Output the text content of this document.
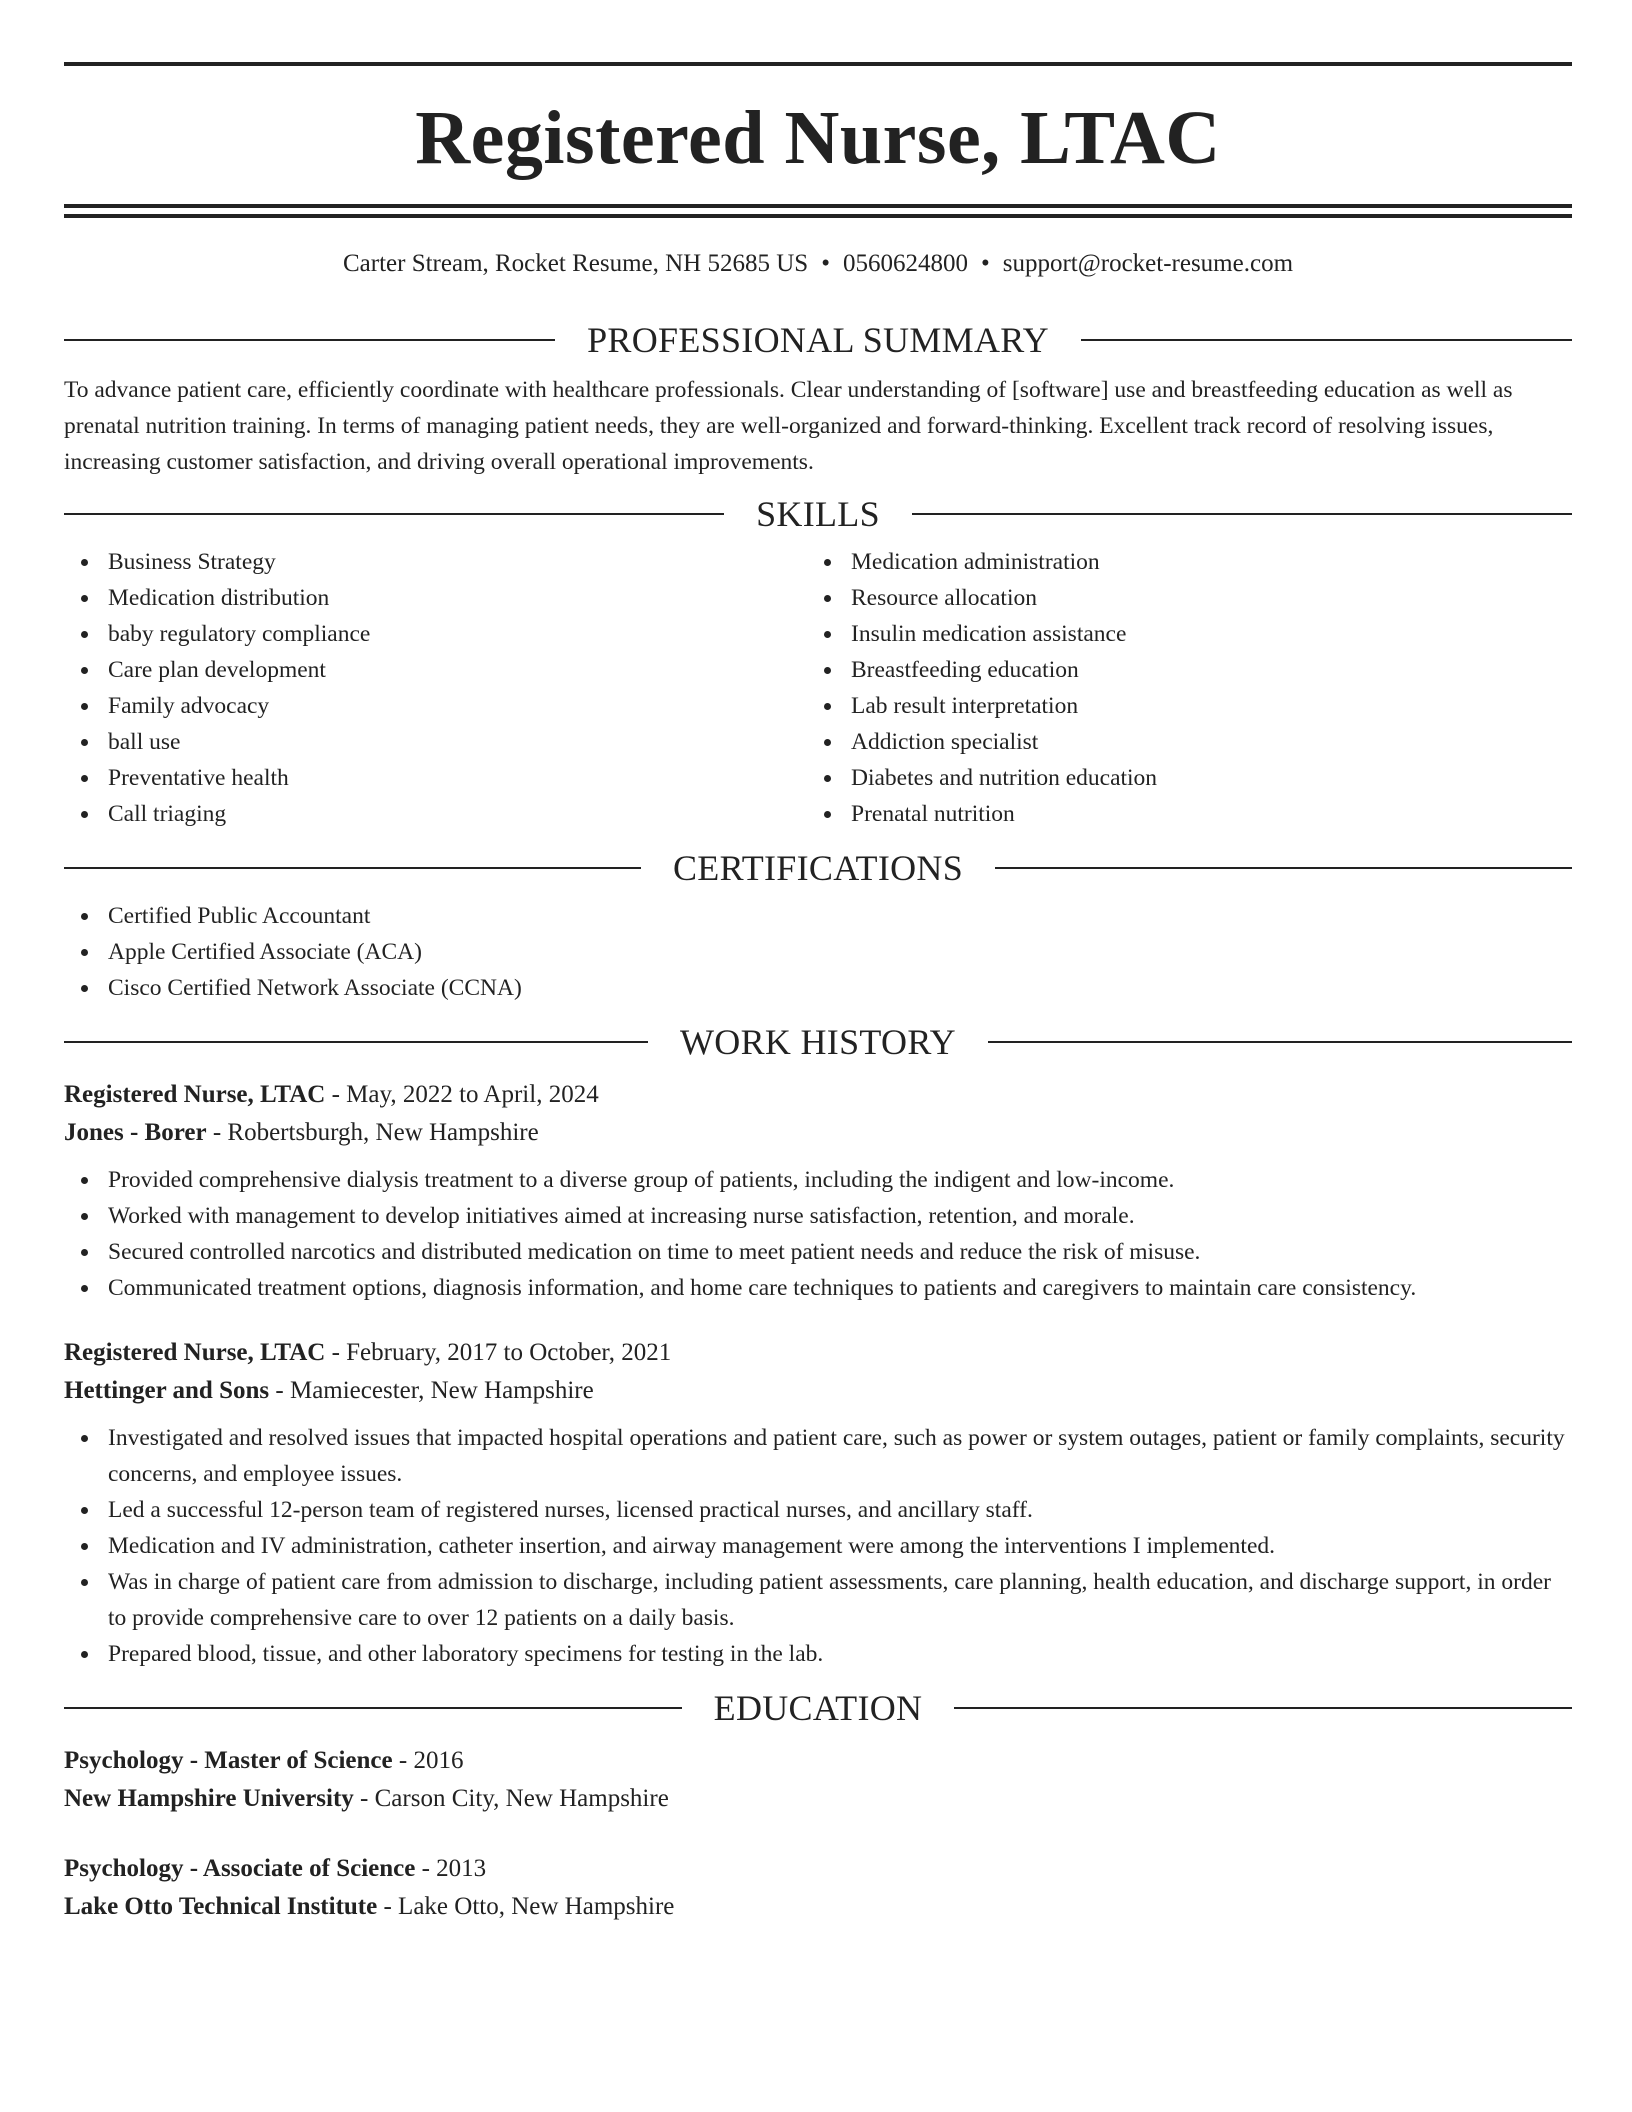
Registered Nurse, LTAC
Carter Stream, Rocket Resume, NH 52685 US • 0560624800 • support@rocket-resume.com
PROFESSIONAL SUMMARY
To advance patient care, efficiently coordinate with healthcare professionals. Clear understanding of [software] use and breastfeeding education as well as prenatal nutrition training. In terms of managing patient needs, they are well-organized and forward-thinking. Excellent track record of resolving issues, increasing customer satisfaction, and driving overall operational improvements.
SKILLS
Business Strategy
Medication distribution
baby regulatory compliance
Care plan development
Family advocacy
ball use
Preventative health
Call triaging
Medication administration
Resource allocation
Insulin medication assistance
Breastfeeding education
Lab result interpretation
Addiction specialist
Diabetes and nutrition education
Prenatal nutrition
CERTIFICATIONS
Certified Public Accountant
Apple Certified Associate (ACA)
Cisco Certified Network Associate (CCNA)
WORK HISTORY
Registered Nurse, LTAC - May, 2022 to April, 2024
Jones - Borer - Robertsburgh, New Hampshire
Provided comprehensive dialysis treatment to a diverse group of patients, including the indigent and low-income.
Worked with management to develop initiatives aimed at increasing nurse satisfaction, retention, and morale.
Secured controlled narcotics and distributed medication on time to meet patient needs and reduce the risk of misuse.
Communicated treatment options, diagnosis information, and home care techniques to patients and caregivers to maintain care consistency.
Registered Nurse, LTAC - February, 2017 to October, 2021
Hettinger and Sons - Mamiecester, New Hampshire
Investigated and resolved issues that impacted hospital operations and patient care, such as power or system outages, patient or family complaints, security concerns, and employee issues.
Led a successful 12-person team of registered nurses, licensed practical nurses, and ancillary staff.
Medication and IV administration, catheter insertion, and airway management were among the interventions I implemented.
Was in charge of patient care from admission to discharge, including patient assessments, care planning, health education, and discharge support, in order to provide comprehensive care to over 12 patients on a daily basis.
Prepared blood, tissue, and other laboratory specimens for testing in the lab.
EDUCATION
Psychology - Master of Science - 2016
New Hampshire University - Carson City, New Hampshire
Psychology - Associate of Science - 2013
Lake Otto Technical Institute - Lake Otto, New Hampshire
